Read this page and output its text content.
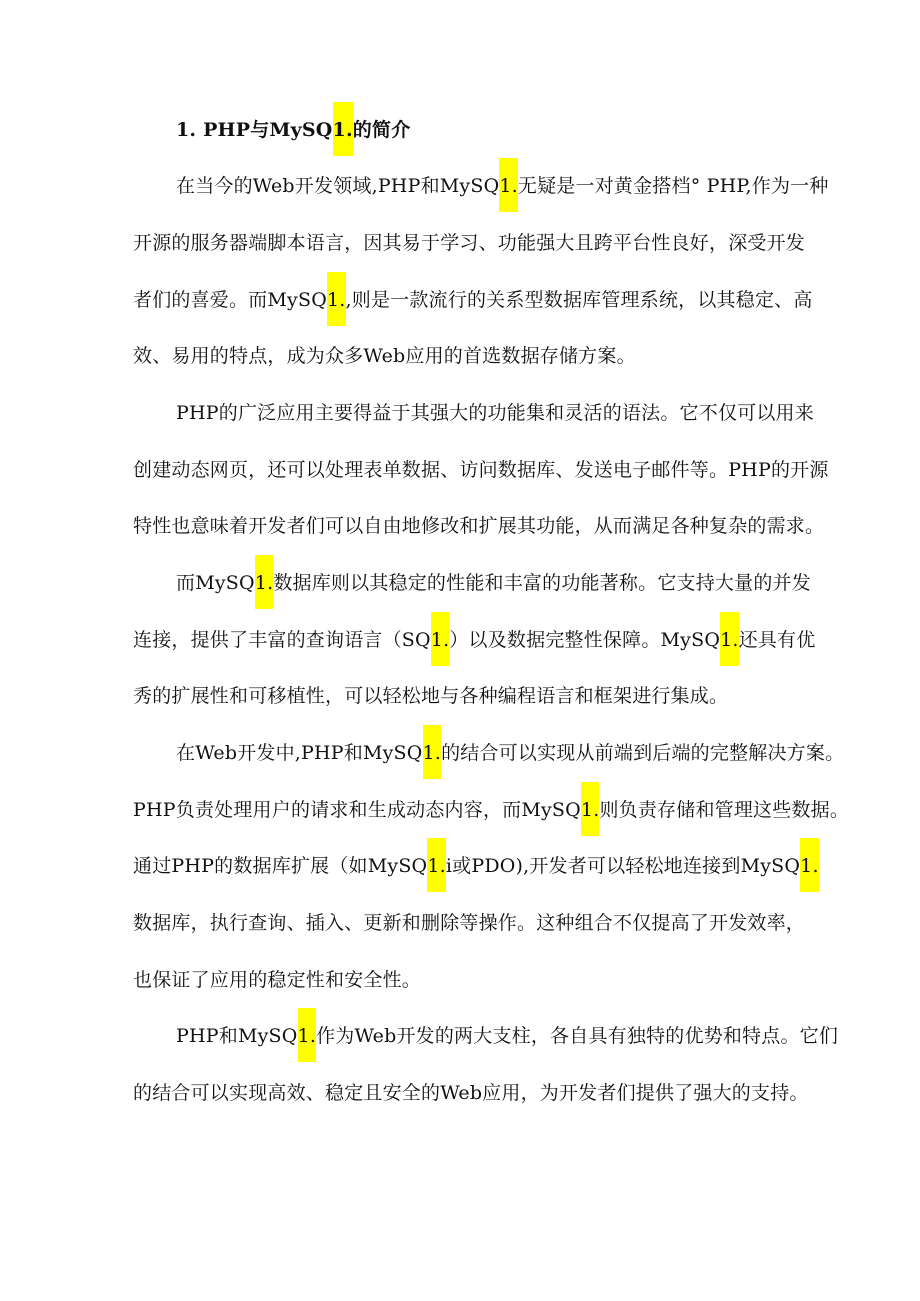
1. PHP与MySQ1.的简介
在当今的Web开发领域,PHP和MySQ1.无疑是一对黄金搭档° PHP,作为一种
开源的服务器端脚本语言，因其易于学习、功能强大且跨平台性良好，深受开发
者们的喜爱。而MySQ1.,则是一款流行的关系型数据库管理系统，以其稳定、高
效、易用的特点，成为众多Web应用的首选数据存储方案。
PHP的广泛应用主要得益于其强大的功能集和灵活的语法。它不仅可以用来
创建动态网页，还可以处理表单数据、访问数据库、发送电子邮件等。PHP的开源
特性也意味着开发者们可以自由地修改和扩展其功能，从而满足各种复杂的需求。
而MySQ1.数据库则以其稳定的性能和丰富的功能著称。它支持大量的并发
连接，提供了丰富的查询语言（SQ1.）以及数据完整性保障。MySQ1.还具有优
秀的扩展性和可移植性，可以轻松地与各种编程语言和框架进行集成。
在Web开发中,PHP和MySQ1.的结合可以实现从前端到后端的完整解决方案。
PHP负责处理用户的请求和生成动态内容，而MySQ1.则负责存储和管理这些数据。
通过PHP的数据库扩展（如MySQ1.i或PDO),开发者可以轻松地连接到MySQ1.
数据库，执行查询、插入、更新和删除等操作。这种组合不仅提高了开发效率，
也保证了应用的稳定性和安全性。
PHP和MySQ1.作为Web开发的两大支柱，各自具有独特的优势和特点。它们
的结合可以实现高效、稳定且安全的Web应用，为开发者们提供了强大的支持。
